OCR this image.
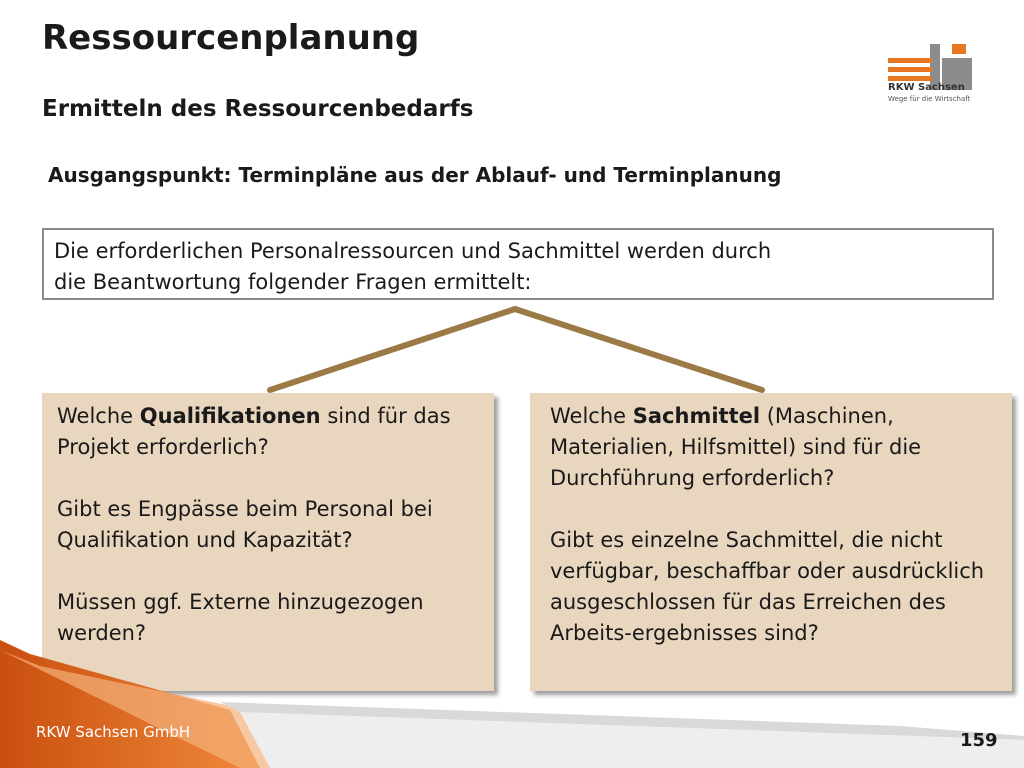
Ressourcenplanung
RKW Sachsen
Wege für die Wirtschaft
Ermitteln des Ressourcenbedarfs
Ausgangspunkt: Terminpläne aus der Ablauf- und Terminplanung
Die erforderlichen Personalressourcen und Sachmittel werden durch
die Beantwortung folgender Fragen ermittelt:

Welche Qualifikationen sind für das Projekt erforderlich?

Gibt es Engpässe beim Personal bei Qualifikation und Kapazität?

Müssen ggf. Externe hinzugezogen werden?

Welche Sachmittel (Maschinen, Materialien, Hilfsmittel) sind für die Durchführung erforderlich?

Gibt es einzelne Sachmittel, die nicht verfügbar, beschaffbar oder ausdrücklich ausgeschlossen für das Erreichen des Arbeits-ergebnisses sind?

RKW Sachsen GmbH	159
